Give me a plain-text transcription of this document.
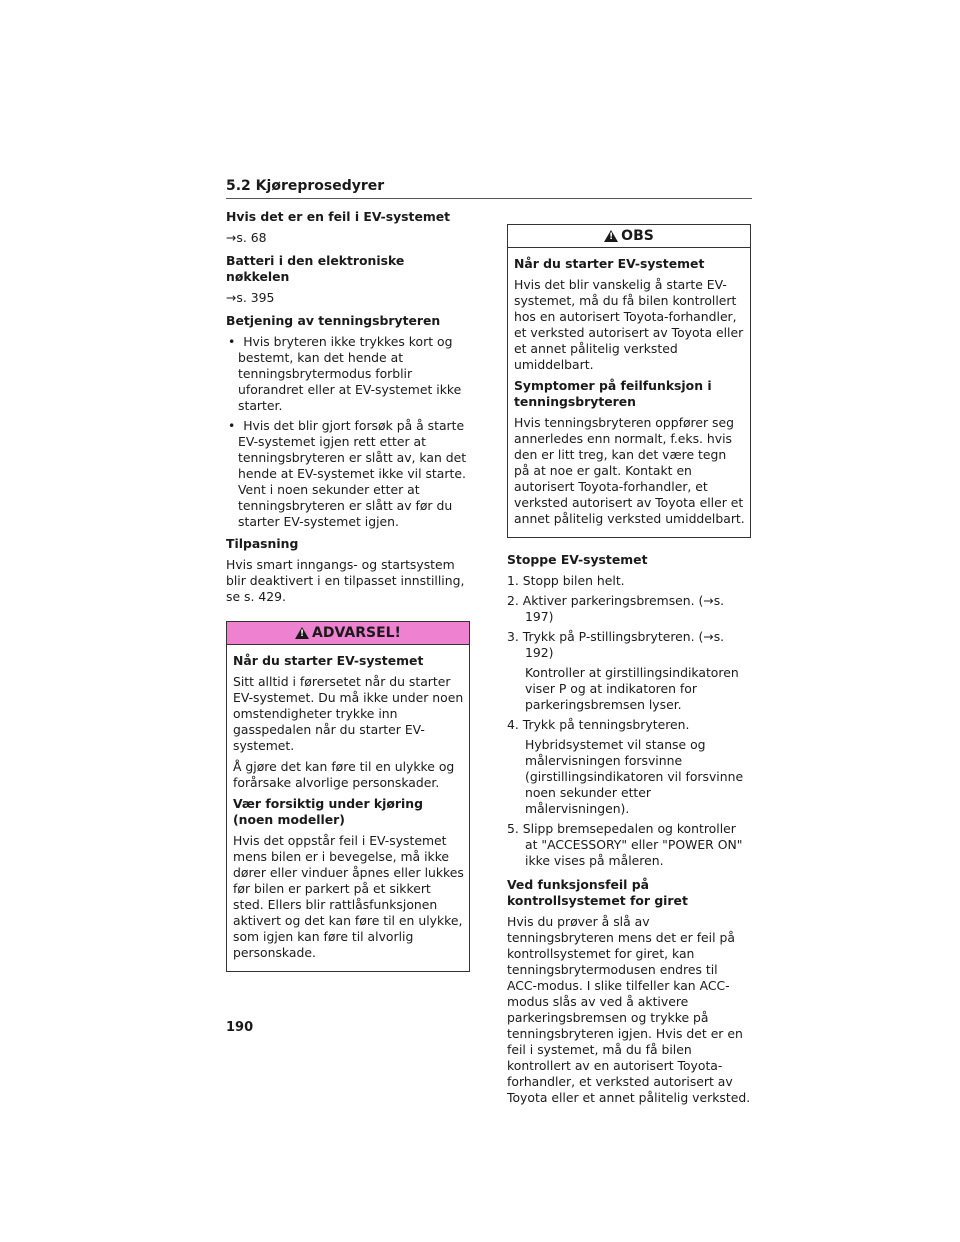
5.2 Kjøreprosedyrer
Hvis det er en feil i EV-systemet
→s. 68
Batteri i den elektroniske nøkkelen
→s. 395
Betjening av tenningsbryteren
•  Hvis bryteren ikke trykkes kort og bestemt, kan det hende at tenningsbrytermodus forblir uforandret eller at EV-systemet ikke starter.
•  Hvis det blir gjort forsøk på å starte EV-systemet igjen rett etter at tenningsbryteren er slått av, kan det hende at EV-systemet ikke vil starte. Vent i noen sekunder etter at tenningsbryteren er slått av før du starter EV-systemet igjen.
Tilpasning
Hvis smart inngangs- og startsystem blir deaktivert i en tilpasset innstilling, se s. 429.
! ADVARSEL!
Når du starter EV-systemet
Sitt alltid i førersetet når du starter EV-systemet. Du må ikke under noen omstendigheter trykke inn gasspedalen når du starter EV-systemet.
Å gjøre det kan føre til en ulykke og forårsake alvorlige personskader.
Vær forsiktig under kjøring (noen modeller)
Hvis det oppstår feil i EV-systemet mens bilen er i bevegelse, må ikke dører eller vinduer åpnes eller lukkes før bilen er parkert på et sikkert sted. Ellers blir rattlåsfunksjonen aktivert og det kan føre til en ulykke, som igjen kan føre til alvorlig personskade.
! OBS
Når du starter EV-systemet
Hvis det blir vanskelig å starte EV-systemet, må du få bilen kontrollert hos en autorisert Toyota-forhandler, et verksted autorisert av Toyota eller et annet pålitelig verksted umiddelbart.
Symptomer på feilfunksjon i tenningsbryteren
Hvis tenningsbryteren oppfører seg annerledes enn normalt, f.eks. hvis den er litt treg, kan det være tegn på at noe er galt. Kontakt en autorisert Toyota-forhandler, et verksted autorisert av Toyota eller et annet pålitelig verksted umiddelbart.
Stoppe EV-systemet
1. Stopp bilen helt.
2. Aktiver parkeringsbremsen. (→s. 197)
3. Trykk på P-stillingsbryteren. (→s. 192)
Kontroller at girstillingsindikatoren viser P og at indikatoren for parkeringsbremsen lyser.
4. Trykk på tenningsbryteren.
Hybridsystemet vil stanse og målervisningen forsvinne (girstillingsindikatoren vil forsvinne noen sekunder etter målervisningen).
5. Slipp bremsepedalen og kontroller at "ACCESSORY" eller "POWER ON" ikke vises på måleren.
Ved funksjonsfeil på kontrollsystemet for giret
Hvis du prøver å slå av tenningsbryteren mens det er feil på kontrollsystemet for giret, kan tenningsbrytermodusen endres til ACC-modus. I slike tilfeller kan ACC-modus slås av ved å aktivere parkeringsbremsen og trykke på tenningsbryteren igjen. Hvis det er en feil i systemet, må du få bilen kontrollert av en autorisert Toyota-forhandler, et verksted autorisert av Toyota eller et annet pålitelig verksted.
190
